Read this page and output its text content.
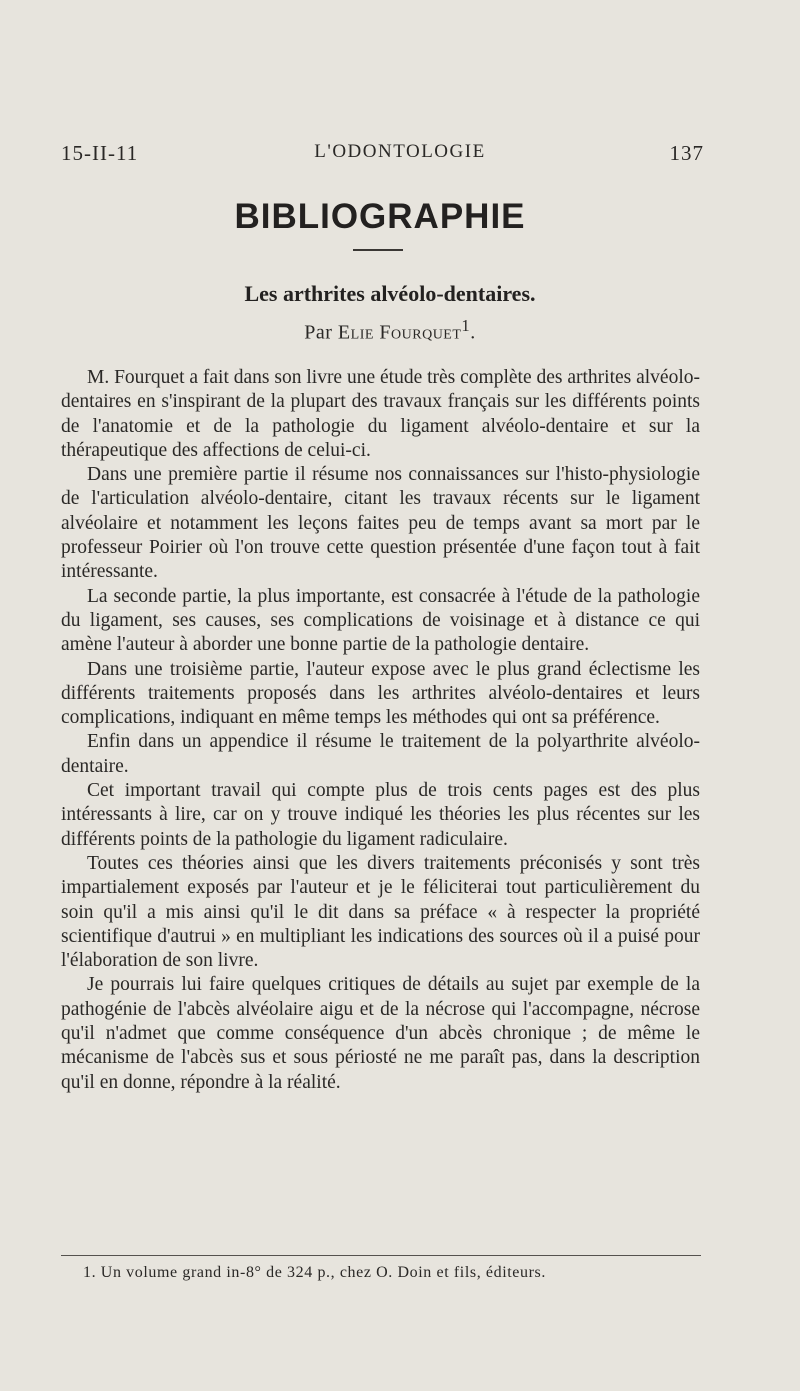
15-II-11	L'ODONTOLOGIE	137
BIBLIOGRAPHIE
Les arthrites alvéolo-dentaires.
Par Elie Fourquet$^1$.

M. Fourquet a fait dans son livre une étude très complète des arthrites alvéolo-dentaires en s'inspirant de la plupart des travaux français sur les différents points de l'anatomie et de la pathologie du ligament alvéolo-dentaire et sur la thérapeutique des affections de celui-ci.

Dans une première partie il résume nos connaissances sur l'histo-physiologie de l'articulation alvéolo-dentaire, citant les travaux récents sur le ligament alvéolaire et notamment les leçons faites peu de temps avant sa mort par le professeur Poirier où l'on trouve cette question présentée d'une façon tout à fait intéressante.

La seconde partie, la plus importante, est consacrée à l'étude de la pathologie du ligament, ses causes, ses complications de voisinage et à distance ce qui amène l'auteur à aborder une bonne partie de la pathologie dentaire.

Dans une troisième partie, l'auteur expose avec le plus grand éclectisme les différents traitements proposés dans les arthrites alvéolo-dentaires et leurs complications, indiquant en même temps les méthodes qui ont sa préférence.

Enfin dans un appendice il résume le traitement de la polyarthrite alvéolo-dentaire.

Cet important travail qui compte plus de trois cents pages est des plus intéressants à lire, car on y trouve indiqué les théories les plus récentes sur les différents points de la pathologie du ligament radiculaire.

Toutes ces théories ainsi que les divers traitements préconisés y sont très impartialement exposés par l'auteur et je le féliciterai tout particulièrement du soin qu'il a mis ainsi qu'il le dit dans sa préface « à respecter la propriété scientifique d'autrui » en multipliant les indications des sources où il a puisé pour l'élaboration de son livre.

Je pourrais lui faire quelques critiques de détails au sujet par exemple de la pathogénie de l'abcès alvéolaire aigu et de la nécrose qui l'accompagne, nécrose qu'il n'admet que comme conséquence d'un abcès chronique ; de même le mécanisme de l'abcès sus et sous périosté ne me paraît pas, dans la description qu'il en donne, répondre à la réalité.

1. Un volume grand in-8° de 324 p., chez O. Doin et fils, éditeurs.
